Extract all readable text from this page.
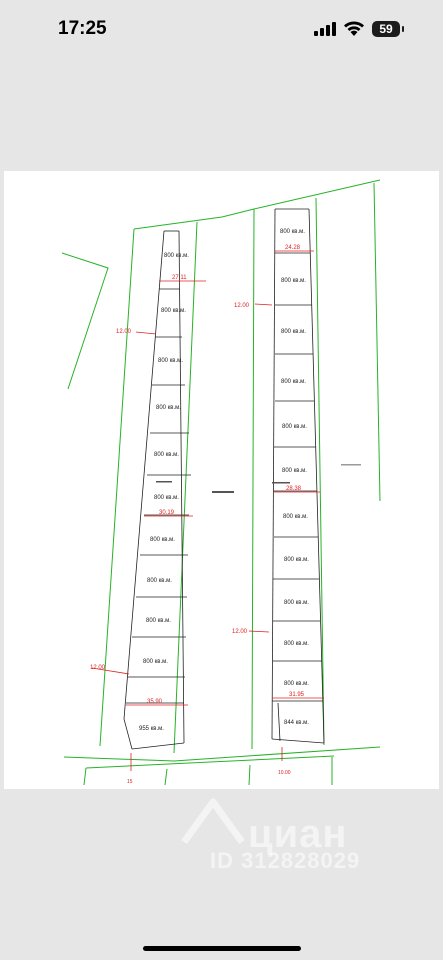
17:25	59
800 кв.м.
800 кв.м.
800 кв.м.
800 кв.м.
800 кв.м.
800 кв.м.
800 кв.м.
800 кв.м.
800 кв.м.
800 кв.м.
955 кв.м.
800 кв.м.
800 кв.м.
800 кв.м.
800 кв.м.
800 кв.м.
800 кв.м.
800 кв.м.
800 кв.м.
800 кв.м.
800 кв.м.
800 кв.м.
844 кв.м.
27.11
30.19
35.90
24.28
28.38
31.95
12.00
12.00
12.00
12.00
15
10.00
циан
ID 312828029
